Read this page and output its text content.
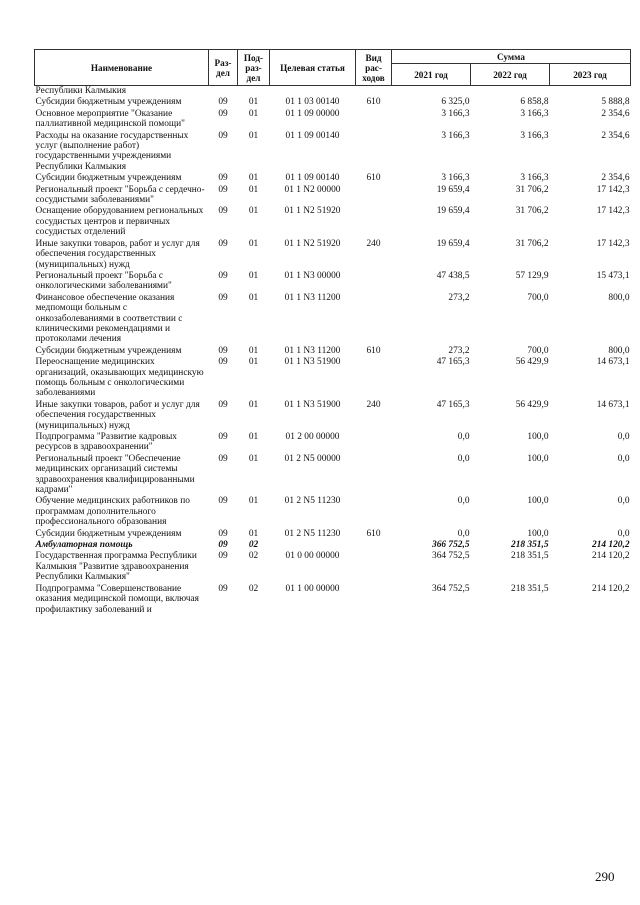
Наименование	Раз-дел	Под-раз-дел	Целевая статья	Вид рас-ходов	Сумма		
					2021 год	2022 год	2023 год
Республики Калмыкия							
Субсидии бюджетным учреждениям	09	01	01 1 03 00140	610	6 325,0	6 858,8	5 888,8
Основное мероприятие "Оказание паллиативной медицинской помощи"	09	01	01 1 09 00000		3 166,3	3 166,3	2 354,6
Расходы на оказание государственных услуг (выполнение работ) государственными учреждениями Республики Калмыкия	09	01	01 1 09 00140		3 166,3	3 166,3	2 354,6
Субсидии бюджетным учреждениям	09	01	01 1 09 00140	610	3 166,3	3 166,3	2 354,6
Региональный проект "Борьба с сердечно-сосудистыми заболеваниями"	09	01	01 1 N2 00000		19 659,4	31 706,2	17 142,3
Оснащение оборудованием региональных сосудистых центров и первичных сосудистых отделений	09	01	01 1 N2 51920		19 659,4	31 706,2	17 142,3
Иные закупки товаров, работ и услуг для обеспечения государственных (муниципальных) нужд	09	01	01 1 N2 51920	240	19 659,4	31 706,2	17 142,3
Региональный проект "Борьба с онкологическими заболеваниями"	09	01	01 1 N3 00000		47 438,5	57 129,9	15 473,1
Финансовое обеспечение оказания медпомощи больным с онкозаболеваниями в соответствии с клиническими рекомендациями и протоколами лечения	09	01	01 1 N3 11200		273,2	700,0	800,0
Субсидии бюджетным учреждениям	09	01	01 1 N3 11200	610	273,2	700,0	800,0
Переоснащение медицинских организаций, оказывающих медицинскую помощь больным с онкологическими заболеваниями	09	01	01 1 N3 51900		47 165,3	56 429,9	14 673,1
Иные закупки товаров, работ и услуг для обеспечения государственных (муниципальных) нужд	09	01	01 1 N3 51900	240	47 165,3	56 429,9	14 673,1
Подпрограмма "Развитие кадровых ресурсов в здравоохранении"	09	01	01 2 00 00000		0,0	100,0	0,0
Региональный проект "Обеспечение медицинских организаций системы здравоохранения квалифицированными кадрами"	09	01	01 2 N5 00000		0,0	100,0	0,0
Обучение медицинских работников по программам дополнительного профессионального образования	09	01	01 2 N5 11230		0,0	100,0	0,0
Субсидии бюджетным учреждениям	09	01	01 2 N5 11230	610	0,0	100,0	0,0
Амбулаторная помощь	09	02			366 752,5	218 351,5	214 120,2
Государственная программа Республики Калмыкия "Развитие здравоохранения Республики Калмыкия"	09	02	01 0 00 00000		364 752,5	218 351,5	214 120,2
Подпрограмма "Совершенствование оказания медицинской помощи, включая профилактику заболеваний и	09	02	01 1 00 00000		364 752,5	218 351,5	214 120,2
290
